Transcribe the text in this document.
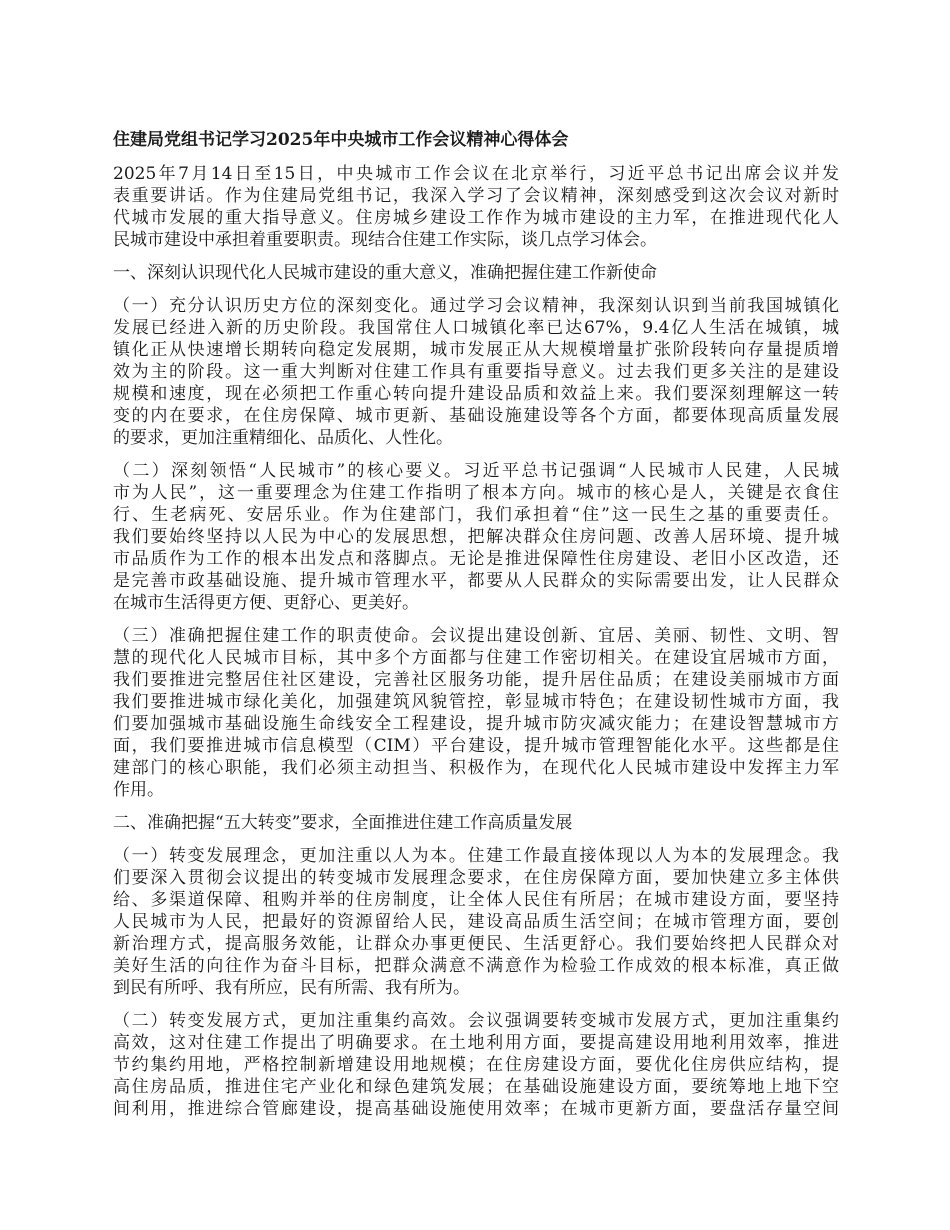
住建局党组书记学习2025年中央城市工作会议精神心得体会
2025年7月14日至15日，中央城市工作会议在北京举行，习近平总书记出席会议并发
表重要讲话。作为住建局党组书记，我深入学习了会议精神，深刻感受到这次会议对新时
代城市发展的重大指导意义。住房城乡建设工作作为城市建设的主力军，在推进现代化人
民城市建设中承担着重要职责。现结合住建工作实际，谈几点学习体会。
一、深刻认识现代化人民城市建设的重大意义，准确把握住建工作新使命
（一）充分认识历史方位的深刻变化。通过学习会议精神，我深刻认识到当前我国城镇化
发展已经进入新的历史阶段。我国常住人口城镇化率已达67%，9.4亿人生活在城镇，城
镇化正从快速增长期转向稳定发展期，城市发展正从大规模增量扩张阶段转向存量提质增
效为主的阶段。这一重大判断对住建工作具有重要指导意义。过去我们更多关注的是建设
规模和速度，现在必须把工作重心转向提升建设品质和效益上来。我们要深刻理解这一转
变的内在要求，在住房保障、城市更新、基础设施建设等各个方面，都要体现高质量发展
的要求，更加注重精细化、品质化、人性化。
（二）深刻领悟“人民城市”的核心要义。习近平总书记强调“人民城市人民建，人民城
市为人民”，这一重要理念为住建工作指明了根本方向。城市的核心是人，关键是衣食住
行、生老病死、安居乐业。作为住建部门，我们承担着“住”这一民生之基的重要责任。
我们要始终坚持以人民为中心的发展思想，把解决群众住房问题、改善人居环境、提升城
市品质作为工作的根本出发点和落脚点。无论是推进保障性住房建设、老旧小区改造，还
是完善市政基础设施、提升城市管理水平，都要从人民群众的实际需要出发，让人民群众
在城市生活得更方便、更舒心、更美好。
（三）准确把握住建工作的职责使命。会议提出建设创新、宜居、美丽、韧性、文明、智
慧的现代化人民城市目标，其中多个方面都与住建工作密切相关。在建设宜居城市方面，
我们要推进完整居住社区建设，完善社区服务功能，提升居住品质；在建设美丽城市方面
我们要推进城市绿化美化，加强建筑风貌管控，彰显城市特色；在建设韧性城市方面，我
们要加强城市基础设施生命线安全工程建设，提升城市防灾减灾能力；在建设智慧城市方
面，我们要推进城市信息模型（CIM）平台建设，提升城市管理智能化水平。这些都是住
建部门的核心职能，我们必须主动担当、积极作为，在现代化人民城市建设中发挥主力军
作用。
二、准确把握“五大转变”要求，全面推进住建工作高质量发展
（一）转变发展理念，更加注重以人为本。住建工作最直接体现以人为本的发展理念。我
们要深入贯彻会议提出的转变城市发展理念要求，在住房保障方面，要加快建立多主体供
给、多渠道保障、租购并举的住房制度，让全体人民住有所居；在城市建设方面，要坚持
人民城市为人民，把最好的资源留给人民，建设高品质生活空间；在城市管理方面，要创
新治理方式，提高服务效能，让群众办事更便民、生活更舒心。我们要始终把人民群众对
美好生活的向往作为奋斗目标，把群众满意不满意作为检验工作成效的根本标准，真正做
到民有所呼、我有所应，民有所需、我有所为。
（二）转变发展方式，更加注重集约高效。会议强调要转变城市发展方式，更加注重集约
高效，这对住建工作提出了明确要求。在土地利用方面，要提高建设用地利用效率，推进
节约集约用地，严格控制新增建设用地规模；在住房建设方面，要优化住房供应结构，提
高住房品质，推进住宅产业化和绿色建筑发展；在基础设施建设方面，要统筹地上地下空
间利用，推进综合管廊建设，提高基础设施使用效率；在城市更新方面，要盘活存量空间
